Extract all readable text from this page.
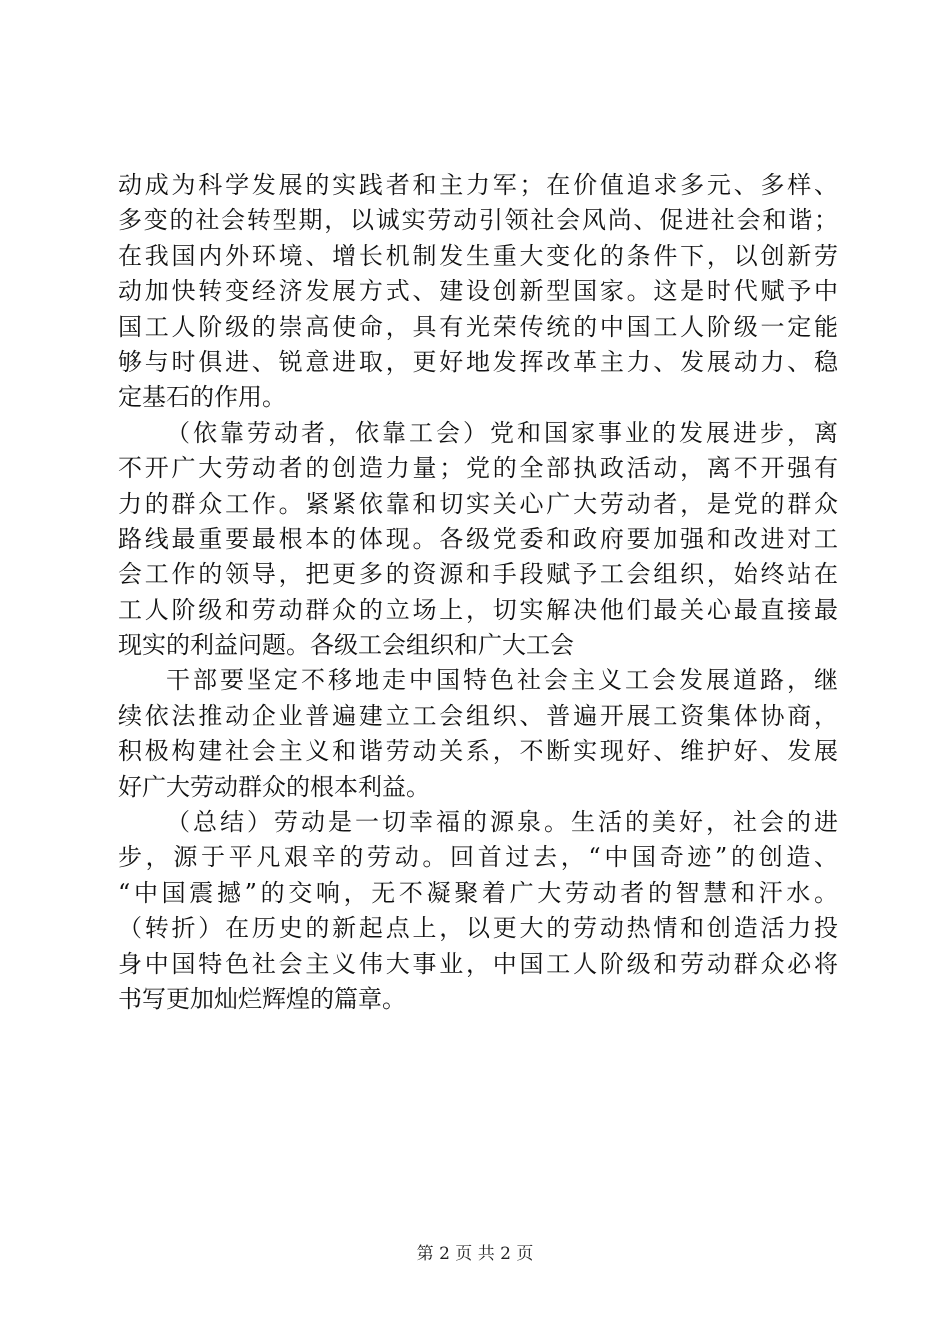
动成为科学发展的实践者和主力军；在价值追求多元、多样、
多变的社会转型期，以诚实劳动引领社会风尚、促进社会和谐；
在我国内外环境、增长机制发生重大变化的条件下，以创新劳
动加快转变经济发展方式、建设创新型国家。这是时代赋予中
国工人阶级的崇高使命，具有光荣传统的中国工人阶级一定能
够与时俱进、锐意进取，更好地发挥改革主力、发展动力、稳
定基石的作用。
（依靠劳动者，依靠工会）党和国家事业的发展进步，离
不开广大劳动者的创造力量；党的全部执政活动，离不开强有
力的群众工作。紧紧依靠和切实关心广大劳动者，是党的群众
路线最重要最根本的体现。各级党委和政府要加强和改进对工
会工作的领导，把更多的资源和手段赋予工会组织，始终站在
工人阶级和劳动群众的立场上，切实解决他们最关心最直接最
现实的利益问题。各级工会组织和广大工会
干部要坚定不移地走中国特色社会主义工会发展道路，继
续依法推动企业普遍建立工会组织、普遍开展工资集体协商，
积极构建社会主义和谐劳动关系，不断实现好、维护好、发展
好广大劳动群众的根本利益。
（总结）劳动是一切幸福的源泉。生活的美好，社会的进
步，源于平凡艰辛的劳动。回首过去，“中国奇迹”的创造、
“中国震撼”的交响，无不凝聚着广大劳动者的智慧和汗水。
（转折）在历史的新起点上，以更大的劳动热情和创造活力投
身中国特色社会主义伟大事业，中国工人阶级和劳动群众必将
书写更加灿烂辉煌的篇章。
第 2 页 共 2 页
